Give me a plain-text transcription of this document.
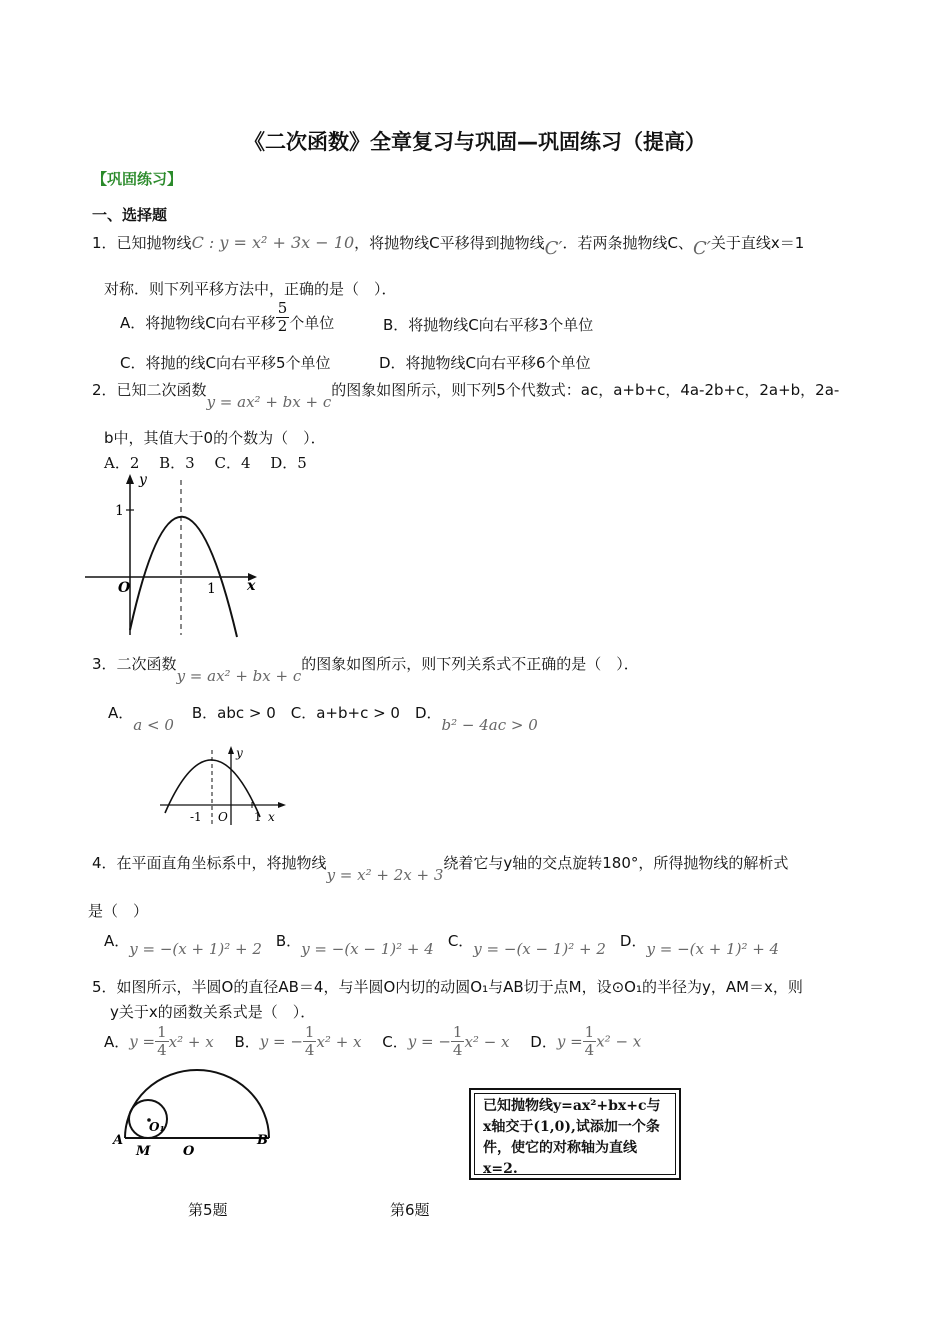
《二次函数》全章复习与巩固—巩固练习（提高）
【巩固练习】
一、选择题
1．已知抛物线C : y = x² + 3x − 10，将抛物线C平移得到抛物线C′．若两条抛物线C、C′关于直线x＝1
对称．则下列平移方法中，正确的是（　）．
A．将抛物线C向右平移 $\frac{5}{2}$ 个单位	B．将抛物线C向右平移3个单位
C．将抛的线C向右平移5个单位	D．将抛物线C向右平移6个单位
2．已知二次函数y = ax² + bx + c的图象如图所示，则下列5个代数式：ac，a+b+c，4a-2b+c，2a+b，2a-
b中，其值大于0的个数为（　）．
A．2　 B．3　 C．4　 D．5
y
1
O	1 x
3．二次函数y = ax² + bx + c的图象如图所示，则下列关系式不正确的是（　）．
A．a < 0B．abc > 0　C．a+b+c > 0　D．b² − 4ac > 0
y
-1 O 1 x
4．在平面直角坐标系中，将抛物线y = x² + 2x + 3绕着它与y轴的交点旋转180°，所得抛物线的解析式
是（　）
A．y = −(x + 1)² + 2 B．y = −(x − 1)² + 4 C．y = −(x − 1)² + 2 D．y = −(x + 1)² + 4
5．如图所示，半圆O的直径AB＝4，与半圆O内切的动圆O₁与AB切于点M，设⊙O₁的半径为y，AM＝x，则
y关于x的函数关系式是（　）．
A．$y = \frac{1}{4} x^2 + x$ B．y = − $\frac{1}{4} x^2 + x$ C．y = − $\frac{1}{4} x^2 - x$ D．$y = \frac{1}{4} x^2 - x$
A	B
M	O
O₁
已知抛物线y=ax²+bx+c与x轴交于(1,0),试添加一个条件，使它的对称轴为直线x=2.
第5题	第6题
